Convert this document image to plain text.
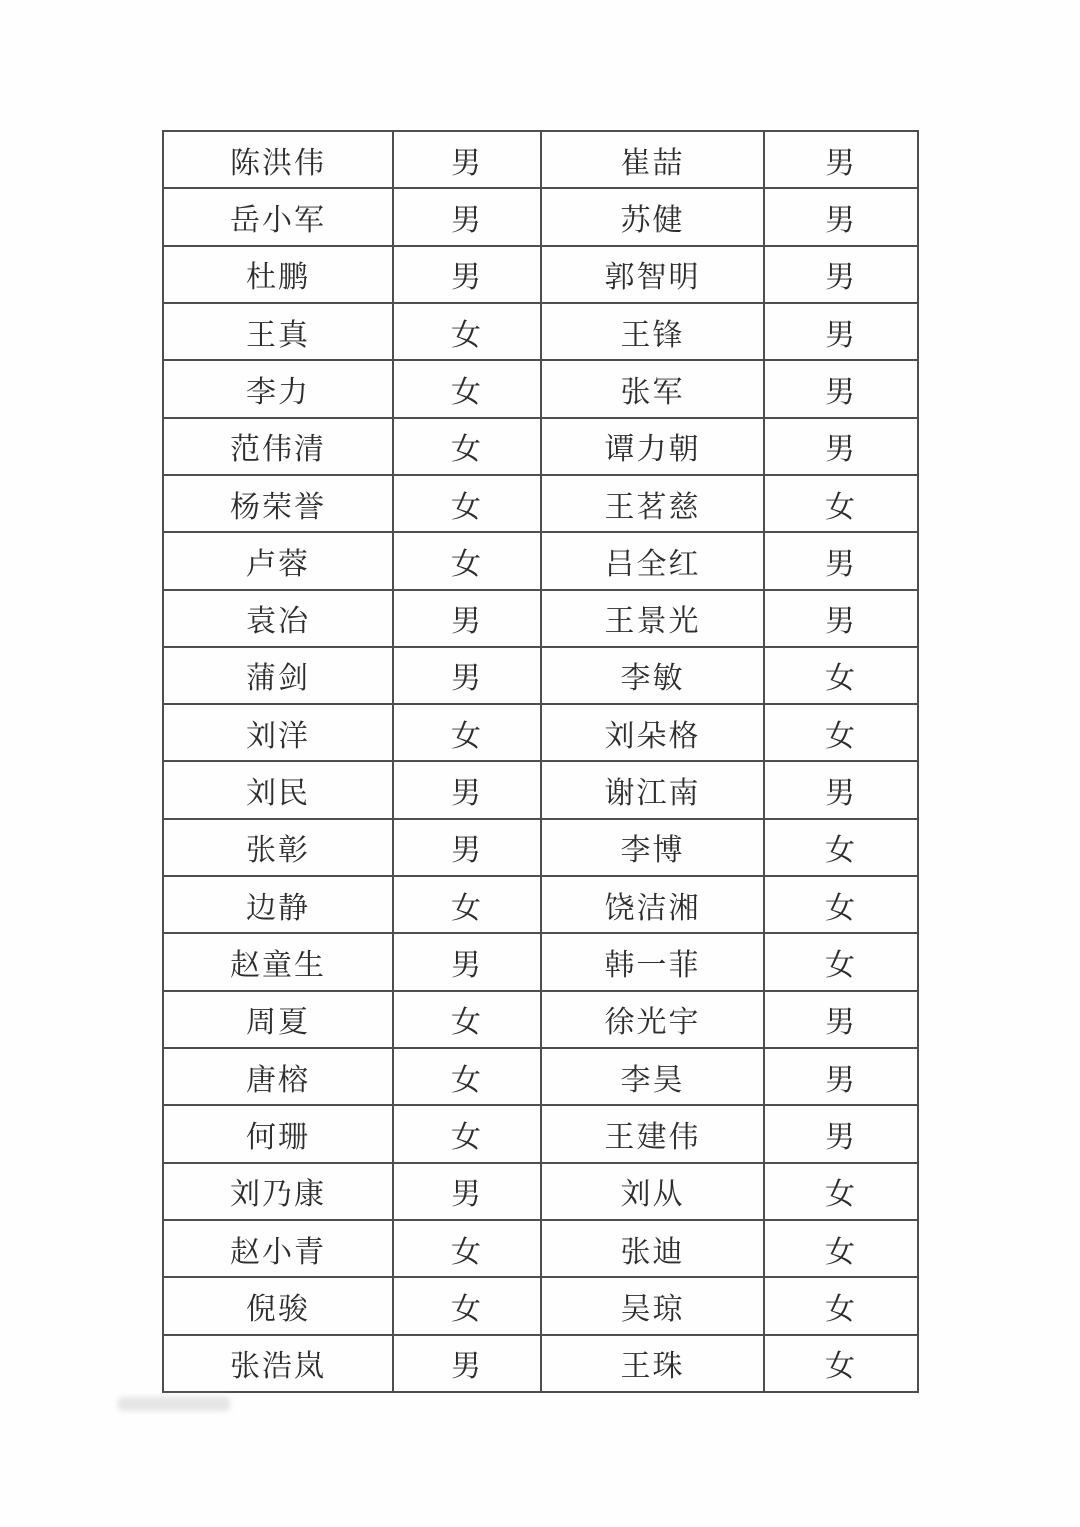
陈洪伟	男	崔喆	男
岳小军	男	苏健	男
杜鹏	男	郭智明	男
王真	女	王锋	男
李力	女	张军	男
范伟清	女	谭力朝	男
杨荣誉	女	王茗慈	女
卢蓉	女	吕全红	男
袁冶	男	王景光	男
蒲剑	男	李敏	女
刘洋	女	刘朵格	女
刘民	男	谢江南	男
张彰	男	李博	女
边静	女	饶洁湘	女
赵童生	男	韩一菲	女
周夏	女	徐光宇	男
唐榕	女	李昊	男
何珊	女	王建伟	男
刘乃康	男	刘从	女
赵小青	女	张迪	女
倪骏	女	吴琼	女
张浩岚	男	王珠	女
